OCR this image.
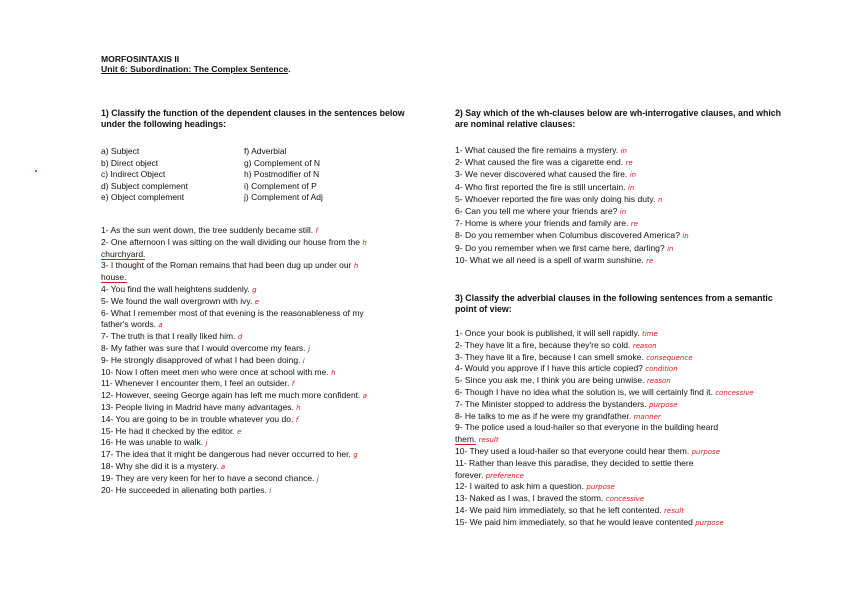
MORFOSINTAXIS II
Unit 6: Subordination: The Complex Sentence.
1) Classify the function of the dependent clauses in the sentences below under the following headings:
a) Subject
b) Direct object
c) Indirect Object
d) Subject complement
e) Object complement
f) Adverbial
g) Complement of N
h) Postmodifier of N
i) Complement of P
j) Complement of Adj
1- As the sun went down, the tree suddenly became still. f
2- One afternoon I was sitting on the wall dividing our house from the h
churchyard.
3- I thought of the Roman remains that had been dug up under our h
house.
4- You find the wall heightens suddenly. g
5- We found the wall overgrown with ivy. e
6- What I remember most of that evening is the reasonableness of my
father's words. a
7- The truth is that I really liked him. d
8- My father was sure that I would overcome my fears. j
9- He strongly disapproved of what I had been doing. i
10- Now I often meet men who were once at school with me. h
11- Whenever I encounter them, I feel an outsider. f
12- However, seeing George again has left me much more confident. a
13- People living in Madrid have many advantages. h
14- You are going to be in trouble whatever you do. f
15- He had it checked by the editor. e
16- He was unable to walk. j
17- The idea that it might be dangerous had never occurred to her. g
18- Why she did it is a mystery. a
19- They are very keen for her to have a second chance. j
20- He succeeded in alienating both parties. i
2) Say which of the wh-clauses below are wh-interrogative clauses, and which are nominal relative clauses:
1- What caused the fire remains a mystery. in
2- What caused the fire was a cigarette end. re
3- We never discovered what caused the fire. in
4- Who first reported the fire is still uncertain. in
5- Whoever reported the fire was only doing his duty. n
6- Can you tell me where your friends are? in
7- Home is where your friends and family are. re
8- Do you remember when Columbus discovered America? in
9- Do you remember when we first came here, darling? in
10- What we all need is a spell of warm sunshine. re
3) Classify the adverbial clauses in the following sentences from a semantic point of view:
1- Once your book is published, it will sell rapidly. time
2- They have lit a fire, because they're so cold. reason
3- They have lit a fire, because I can smell smoke. consequence
4- Would you approve if I have this article copied? condition
5- Since you ask me, I think you are being unwise. reason
6- Though I have no idea what the solution is, we will certainly find it. concessive
7- The Minister stopped to address the bystanders. purpose
8- He talks to me as if he were my grandfather. manner
9- The police used a loud-hailer so that everyone in the building heard
them. result
10- They used a loud-hailer so that everyone could hear them. purpose
11- Rather than leave this paradise, they decided to settle there
forever. preference
12- I waited to ask him a question. purpose
13- Naked as I was, I braved the storm. concessive
14- We paid him immediately, so that he left contented. result
15- We paid him immediately, so that he would leave contented purpose
